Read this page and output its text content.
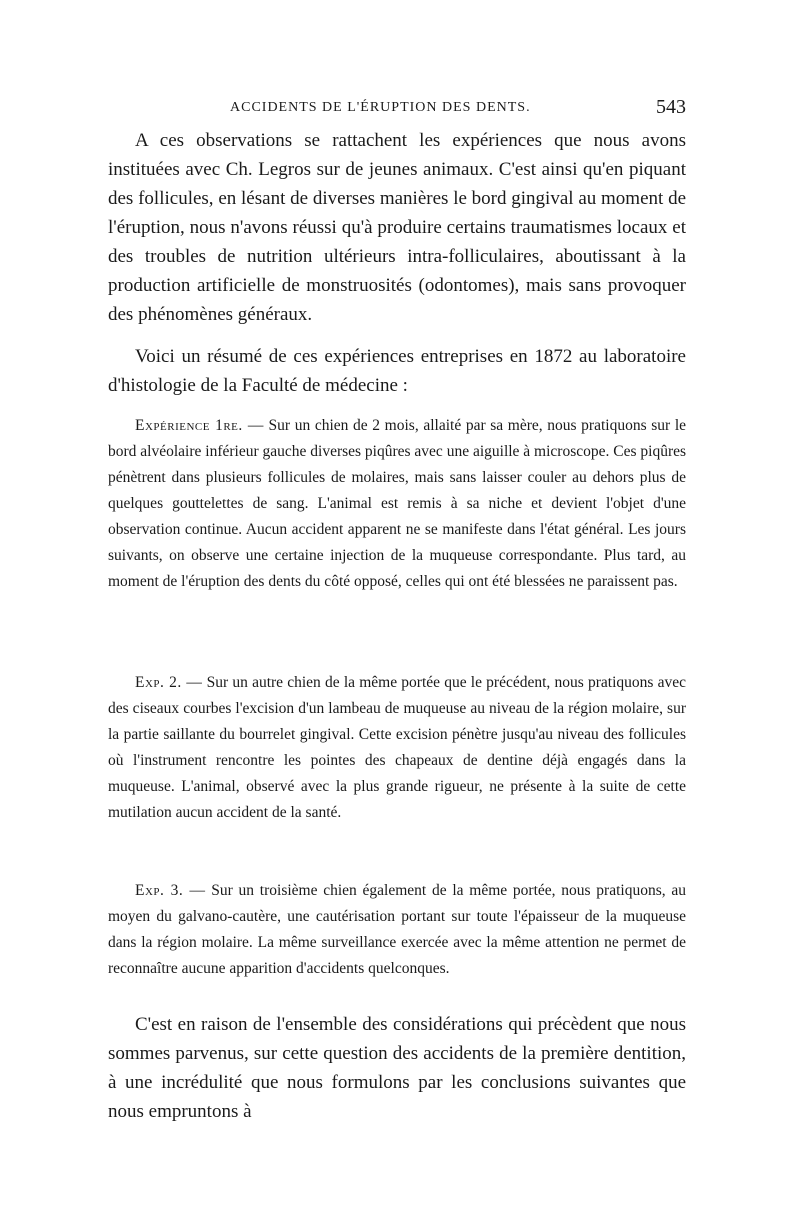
ACCIDENTS DE L'ÉRUPTION DES DENTS.	543

A ces observations se rattachent les expériences que nous avons instituées avec Ch. Legros sur de jeunes animaux. C'est ainsi qu'en piquant des follicules, en lésant de diverses manières le bord gingival au moment de l'éruption, nous n'avons réussi qu'à produire certains traumatismes locaux et des troubles de nutrition ultérieurs intra-folliculaires, aboutissant à la production artificielle de monstruosités (odontomes), mais sans provoquer des phénomènes généraux.

Voici un résumé de ces expériences entreprises en 1872 au laboratoire d'histologie de la Faculté de médecine :

Expérience 1re. — Sur un chien de 2 mois, allaité par sa mère, nous pratiquons sur le bord alvéolaire inférieur gauche diverses piqûres avec une aiguille à microscope. Ces piqûres pénètrent dans plusieurs follicules de molaires, mais sans laisser couler au dehors plus de quelques gouttelettes de sang. L'animal est remis à sa niche et devient l'objet d'une observation continue. Aucun accident apparent ne se manifeste dans l'état général. Les jours suivants, on observe une certaine injection de la muqueuse correspondante. Plus tard, au moment de l'éruption des dents du côté opposé, celles qui ont été blessées ne paraissent pas.

Exp. 2. — Sur un autre chien de la même portée que le précédent, nous pratiquons avec des ciseaux courbes l'excision d'un lambeau de muqueuse au niveau de la région molaire, sur la partie saillante du bourrelet gingival. Cette excision pénètre jusqu'au niveau des follicules où l'instrument rencontre les pointes des chapeaux de dentine déjà engagés dans la muqueuse. L'animal, observé avec la plus grande rigueur, ne présente à la suite de cette mutilation aucun accident de la santé.

Exp. 3. — Sur un troisième chien également de la même portée, nous pratiquons, au moyen du galvano-cautère, une cautérisation portant sur toute l'épaisseur de la muqueuse dans la région molaire. La même surveillance exercée avec la même attention ne permet de reconnaître aucune apparition d'accidents quelconques.

C'est en raison de l'ensemble des considérations qui précèdent que nous sommes parvenus, sur cette question des accidents de la première dentition, à une incrédulité que nous formulons par les conclusions suivantes que nous empruntons à
